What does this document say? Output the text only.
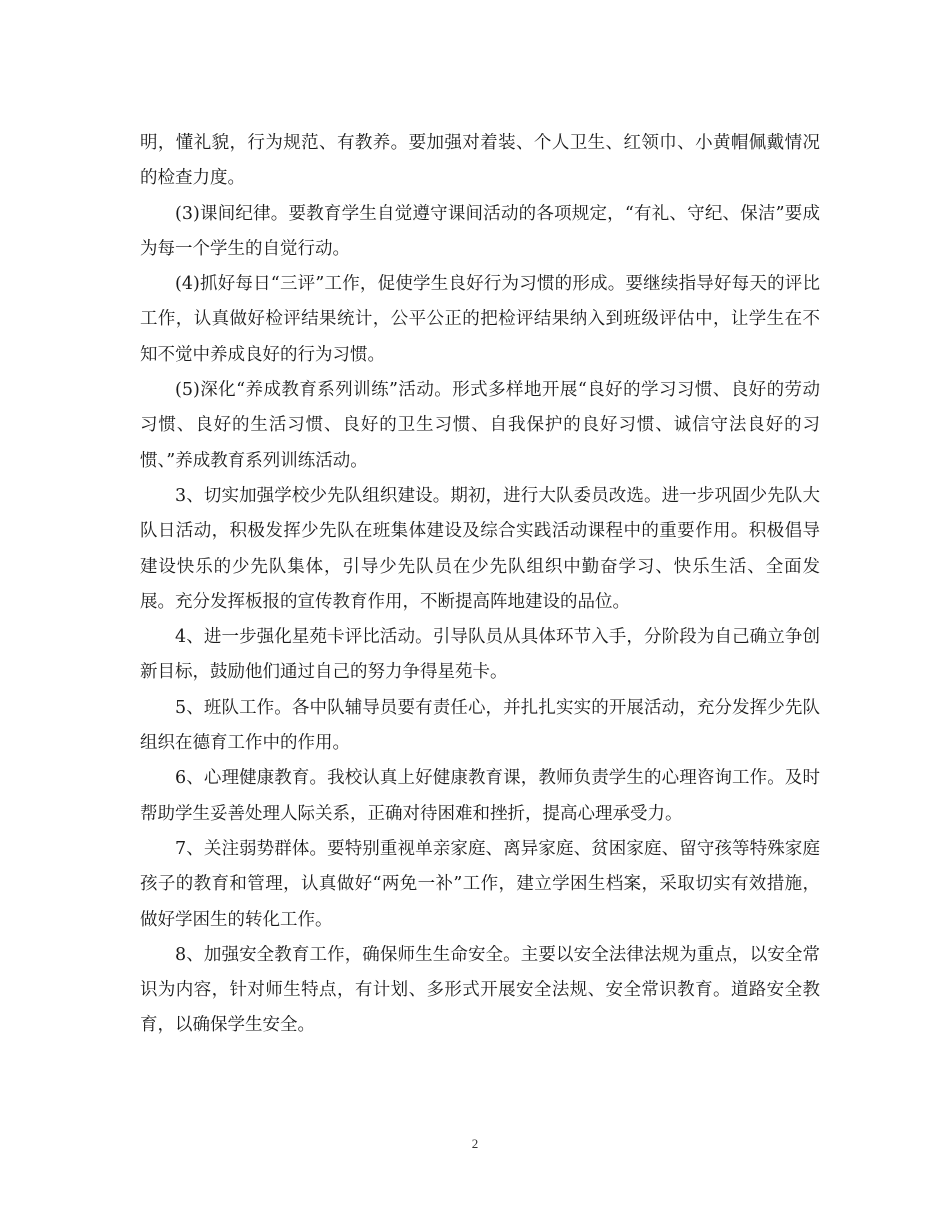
明，懂礼貌，行为规范、有教养。要加强对着装、个人卫生、红领巾、小黄帽佩戴情况的检查力度。

(3)课间纪律。要教育学生自觉遵守课间活动的各项规定，“有礼、守纪、保洁”要成为每一个学生的自觉行动。

(4)抓好每日“三评”工作，促使学生良好行为习惯的形成。要继续指导好每天的评比工作，认真做好检评结果统计，公平公正的把检评结果纳入到班级评估中，让学生在不知不觉中养成良好的行为习惯。

(5)深化“养成教育系列训练”活动。形式多样地开展“良好的学习习惯、良好的劳动习惯、良好的生活习惯、良好的卫生习惯、自我保护的良好习惯、诚信守法良好的习惯、”养成教育系列训练活动。

3、切实加强学校少先队组织建设。期初，进行大队委员改选。进一步巩固少先队大队日活动，积极发挥少先队在班集体建设及综合实践活动课程中的重要作用。积极倡导建设快乐的少先队集体，引导少先队员在少先队组织中勤奋学习、快乐生活、全面发展。充分发挥板报的宣传教育作用，不断提高阵地建设的品位。

4、进一步强化星苑卡评比活动。引导队员从具体环节入手，分阶段为自己确立争创新目标，鼓励他们通过自己的努力争得星苑卡。

5、班队工作。各中队辅导员要有责任心，并扎扎实实的开展活动，充分发挥少先队组织在德育工作中的作用。

6、心理健康教育。我校认真上好健康教育课，教师负责学生的心理咨询工作。及时帮助学生妥善处理人际关系，正确对待困难和挫折，提高心理承受力。

7、关注弱势群体。要特别重视单亲家庭、离异家庭、贫困家庭、留守孩等特殊家庭孩子的教育和管理，认真做好“两免一补”工作，建立学困生档案，采取切实有效措施，做好学困生的转化工作。

8、加强安全教育工作，确保师生生命安全。主要以安全法律法规为重点，以安全常识为内容，针对师生特点，有计划、多形式开展安全法规、安全常识教育。道路安全教育，以确保学生安全。

2
